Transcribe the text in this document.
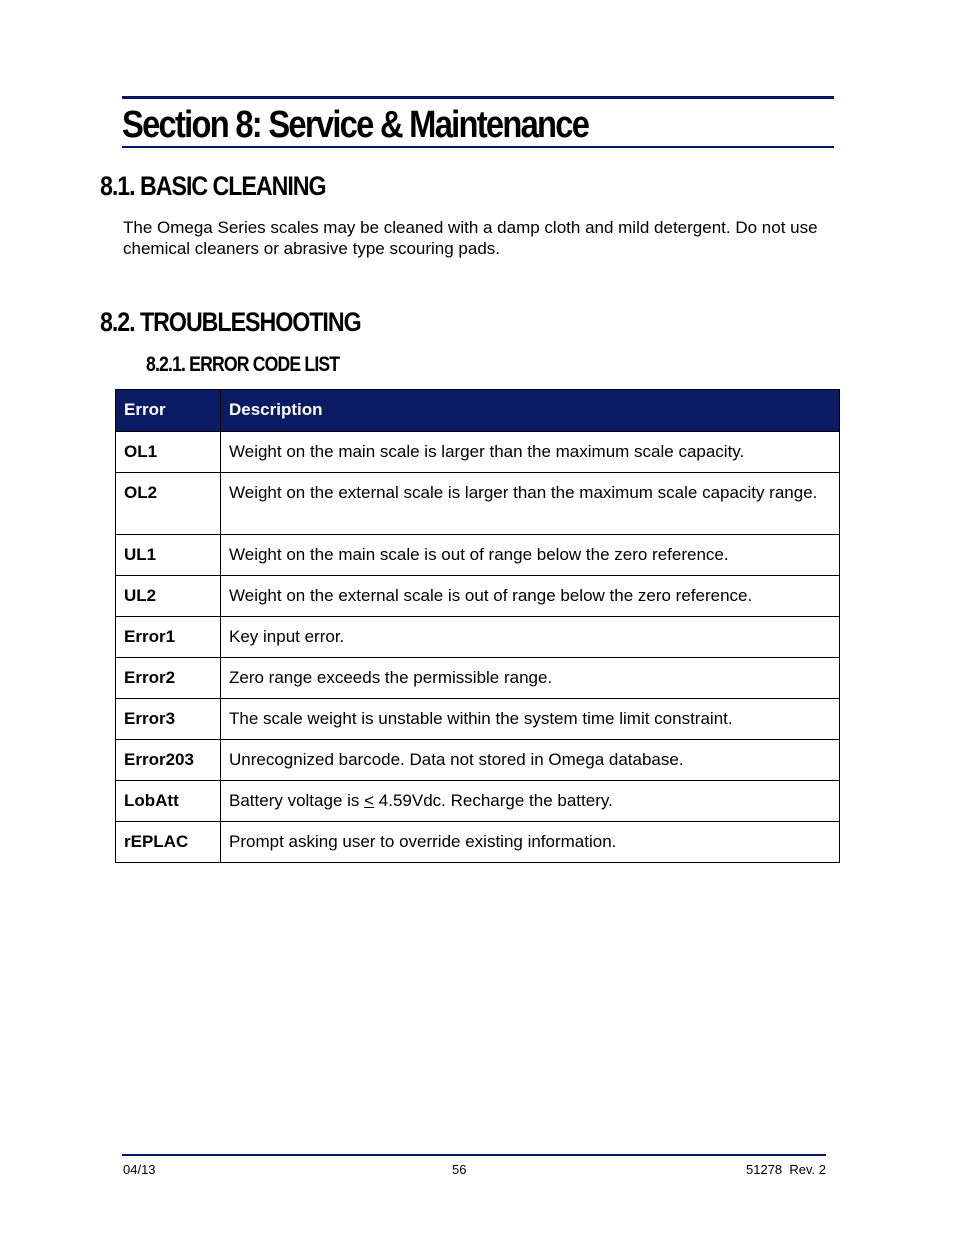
Section 8: Service & Maintenance
8.1. BASIC CLEANING

The Omega Series scales may be cleaned with a damp cloth and mild detergent. Do not use chemical cleaners or abrasive type scouring pads.

8.2. TROUBLESHOOTING
8.2.1. ERROR CODE LIST
Error	Description
OL1	Weight on the main scale is larger than the maximum scale capacity.
OL2	Weight on the external scale is larger than the maximum scale capacity range.
UL1	Weight on the main scale is out of range below the zero reference.
UL2	Weight on the external scale is out of range below the zero reference.
Error1	Key input error.
Error2	Zero range exceeds the permissible range.
Error3	The scale weight is unstable within the system time limit constraint.
Error203	Unrecognized barcode. Data not stored in Omega database.
LobAtt	Battery voltage is ≤ 4.59Vdc. Recharge the battery.
rEPLAC	Prompt asking user to override existing information.
04/13	56	51278  Rev. 2
